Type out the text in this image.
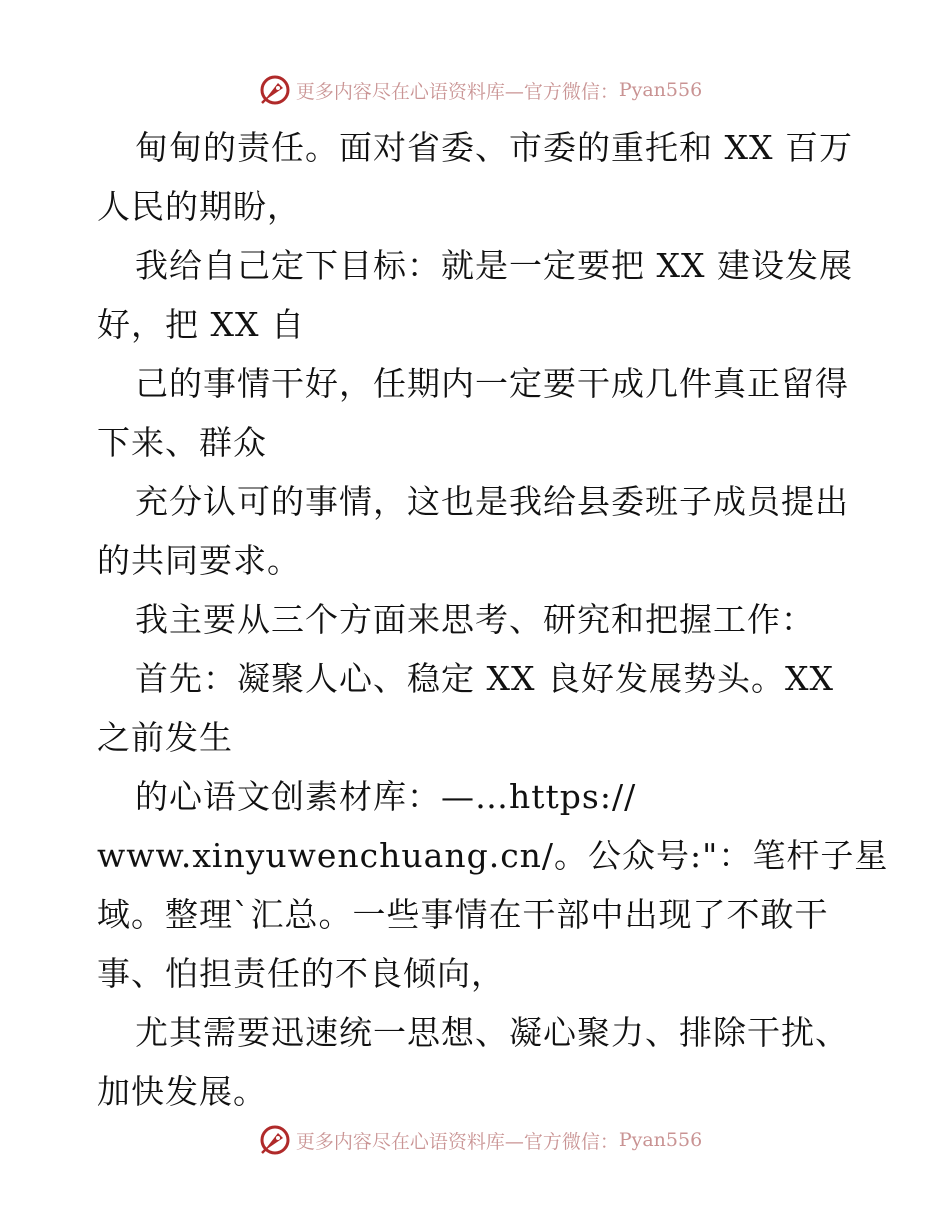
更多内容尽在心语资料库—官方微信： Pyan556
甸甸的责任。面对省委、市委的重托和 XX 百万
人民的期盼，
我给自己定下目标：就是一定要把 XX 建设发展
好，把 XX 自
己的事情干好，任期内一定要干成几件真正留得
下来、群众
充分认可的事情，这也是我给县委班子成员提出
的共同要求。
我主要从三个方面来思考、研究和把握工作：
首先：凝聚人心、稳定 XX 良好发展势头。XX
之前发生
的心语文创素材库：—…https://
www.xinyuwenchuang.cn/。公众号:"：笔杆子星
域。整理`汇总。一些事情在干部中出现了不敢干
事、怕担责任的不良倾向，
尤其需要迅速统一思想、凝心聚力、排除干扰、
加快发展。
更多内容尽在心语资料库—官方微信： Pyan556
